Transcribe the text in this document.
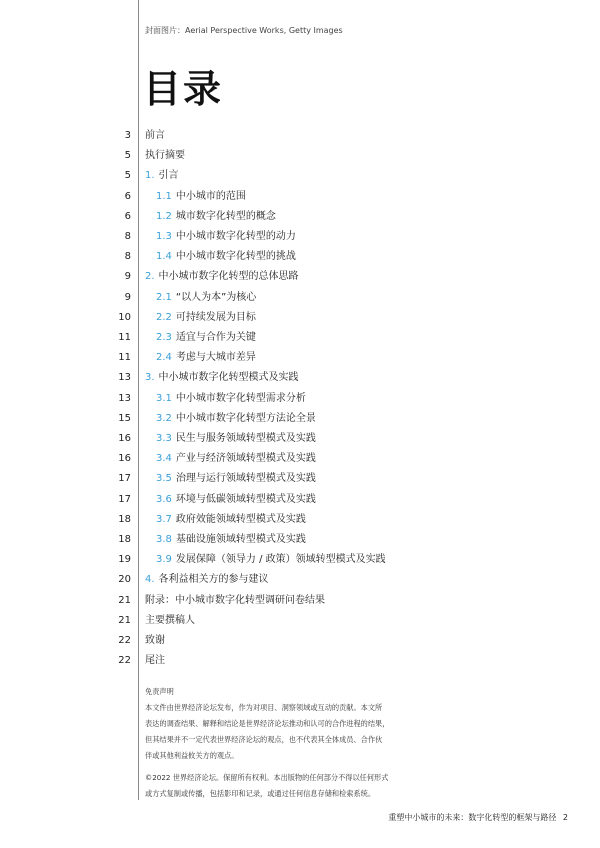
封面图片：Aerial Perspective Works, Getty Images
目录
3 前言
5 执行摘要
5 1. 引言
6	1.1 中小城市的范围
6	1.2 城市数字化转型的概念
8	1.3 中小城市数字化转型的动力
8	1.4 中小城市数字化转型的挑战
9 2. 中小城市数字化转型的总体思路
9	2.1 “以人为本”为核心
10	2.2 可持续发展为目标
11	2.3 适宜与合作为关键
11	2.4 考虑与大城市差异
13 3. 中小城市数字化转型模式及实践
13	3.1 中小城市数字化转型需求分析
15	3.2 中小城市数字化转型方法论全景
16	3.3 民生与服务领域转型模式及实践
16	3.4 产业与经济领域转型模式及实践
17	3.5 治理与运行领域转型模式及实践
17	3.6 环境与低碳领域转型模式及实践
18	3.7 政府效能领域转型模式及实践
18	3.8 基础设施领域转型模式及实践
19	3.9 发展保障（领导力 / 政策）领域转型模式及实践
20 4. 各利益相关方的参与建议
21 附录：中小城市数字化转型调研问卷结果
21 主要撰稿人
22 致谢
22 尾注

免责声明

本文件由世界经济论坛发布，作为对项目、洞察领域或互动的贡献。本文所

表达的调查结果、解释和结论是世界经济论坛推动和认可的合作进程的结果，

但其结果并不一定代表世界经济论坛的观点，也不代表其全体成员、合作伙

伴或其他利益攸关方的观点。

©2022 世界经济论坛。保留所有权利。本出版物的任何部分不得以任何形式

或方式复制或传播，包括影印和记录，或通过任何信息存储和检索系统。

重塑中小城市的未来：数字化转型的框架与路径 2
